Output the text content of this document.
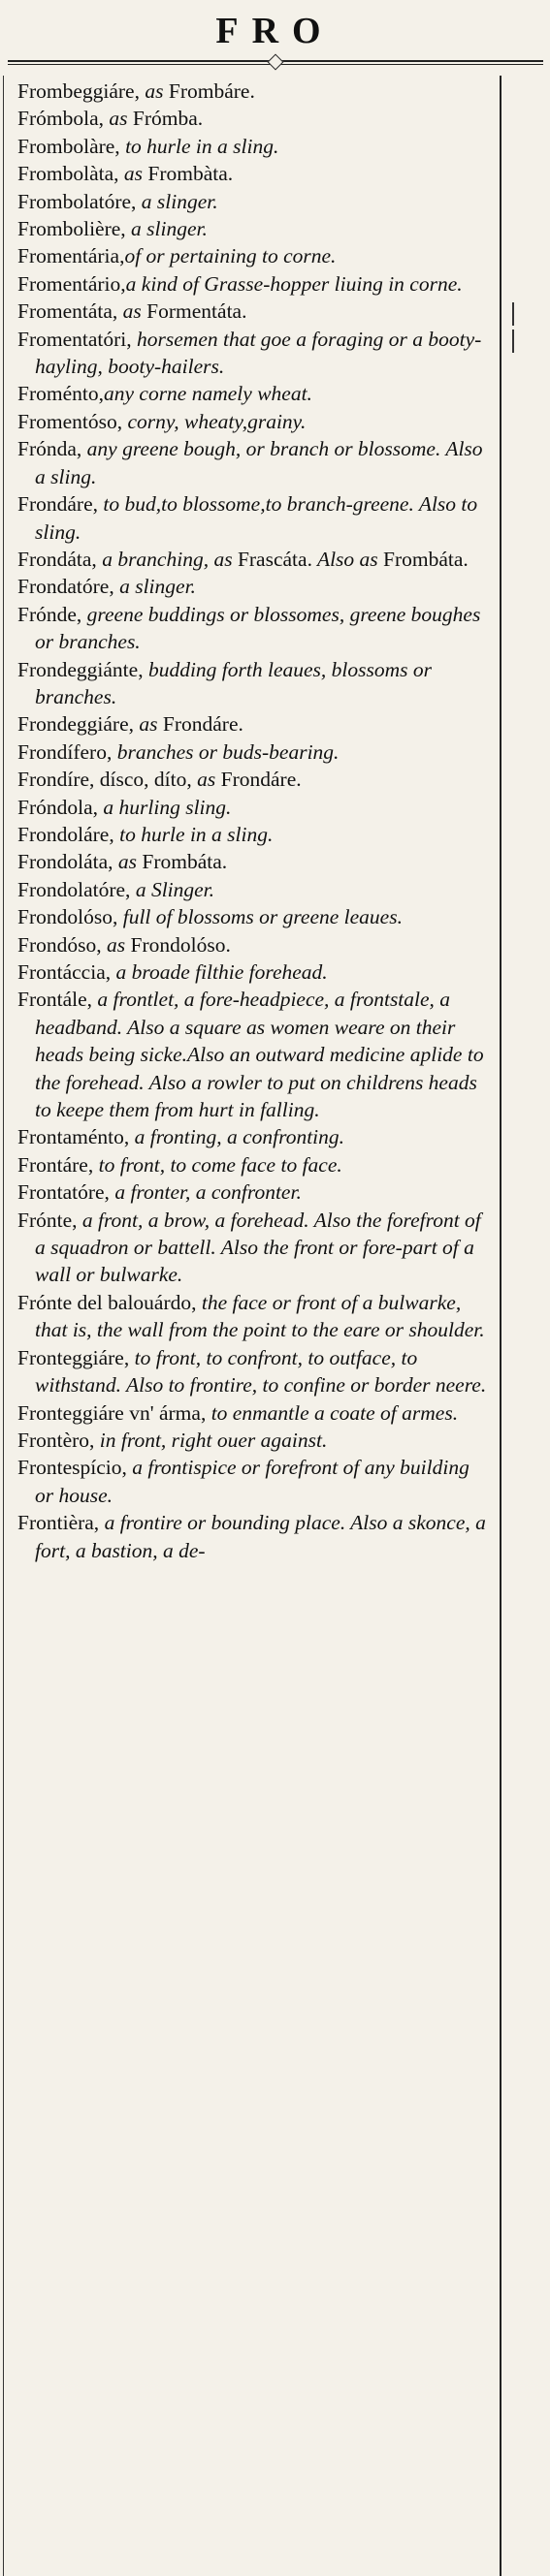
FRO

Frombeggiáre, as Frombáre.

Frómbola, as Frómba.

Frombolàre, to hurle in a sling.

Frombolàta, as Frombàta.

Frombolatóre, a slinger.

Frombolièrе, a slinger.

Fromentária,of or pertaining to corne.

Fromentário,a kind of Grasse-hopper liuing in corne.

Fromentáta, as Formentáta.

Fromentatóri, horsemen that goe a foraging or a booty-hayling, booty-hailers.

Froménto,any corne namely wheat.

Fromentóso, corny, wheaty,grainy.

Frónda, any greene bough, or branch or blossome. Also a sling.

Frondáre, to bud,to blossome,to branch-greene. Also to sling.

Frondáta, a branching, as Frascáta. Also as Frombáta.

Frondatóre, a slinger.

Frónde, greene buddings or blossomes, greene boughes or branches.

Frondeggiánte, budding forth leaues, blossoms or branches.

Frondeggiáre, as Frondáre.

Frondífero, branches or buds-bearing.

Frondíre, dísco, díto, as Frondáre.

Fróndola, a hurling sling.

Frondoláre, to hurle in a sling.

Frondoláta, as Frombáta.

Frondolatóre, a Slinger.

Frondolóso, full of blossoms or greene leaues.

Frondóso, as Frondolóso.

Frontáccia, a broade filthie forehead.

Frontále, a frontlet, a fore-headpiece, a frontstale, a headband. Also a square as women weare on their heads being sicke.Also an outward medicine aplide to the forehead. Also a rowler to put on childrens heads to keepe them from hurt in falling.

Frontaménto, a fronting, a confronting.

Frontáre, to front, to come face to face.

Frontatóre, a fronter, a confronter.

Frónte, a front, a brow, a forehead. Also the forefront of a squadron or battell. Also the front or fore-part of a wall or bulwarke.

Frónte del balouárdo, the face or front of a bulwarke, that is, the wall from the point to the eare or shoulder.

Fronteggiáre, to front, to confront, to outface, to withstand. Also to frontire, to confine or border neere.

Fronteggiáre vn' árma, to enmantle a coate of armes.

Frontèro, in front, right ouer against.

Frontespício, a frontispice or forefront of any building or house.

Frontièra, a frontire or bounding place. Also a skonce, a fort, a bastion, a de-
